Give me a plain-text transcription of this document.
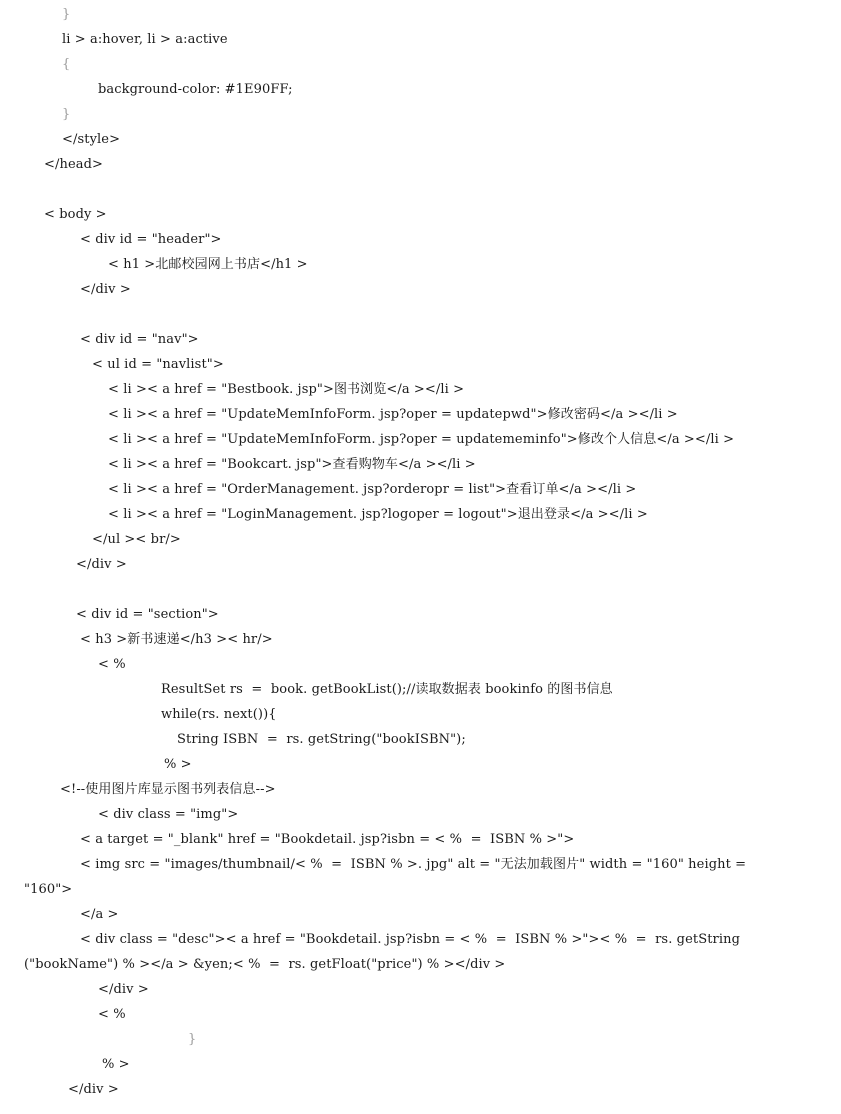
}
li > a:hover, li > a:active
{
background-color: #1E90FF;
}
</style>
</head>
< body >
< div id = "header">
< h1 >北邮校园网上书店</h1 >
</div >
< div id = "nav">
< ul id = "navlist">
< li >< a href = "Bestbook. jsp">图书浏览</a ></li >
< li >< a href = "UpdateMemInfoForm. jsp?oper = updatepwd">修改密码</a ></li >
< li >< a href = "UpdateMemInfoForm. jsp?oper = updatememinfo">修改个人信息</a ></li >
< li >< a href = "Bookcart. jsp">查看购物车</a ></li >
< li >< a href = "OrderManagement. jsp?orderopr = list">查看订单</a ></li >
< li >< a href = "LoginManagement. jsp?logoper = logout">退出登录</a ></li >
</ul >< br/>
</div >
< div id = "section">
< h3 >新书速递</h3 >< hr/>
< %
ResultSet rs  =  book. getBookList();//读取数据表 bookinfo 的图书信息
while(rs. next()){
String ISBN  =  rs. getString("bookISBN");
% >
<!--使用图片库显示图书列表信息-->
< div class = "img">
< a target = "_blank" href = "Bookdetail. jsp?isbn = < %  =  ISBN % >">
< img src = "images/thumbnail/< %  =  ISBN % >. jpg" alt = "无法加载图片" width = "160" height =
"160">
</a >
< div class = "desc">< a href = "Bookdetail. jsp?isbn = < %  =  ISBN % >">< %  =  rs. getString
("bookName") % ></a > &yen;< %  =  rs. getFloat("price") % ></div >
</div >
< %
}
% >
</div >
